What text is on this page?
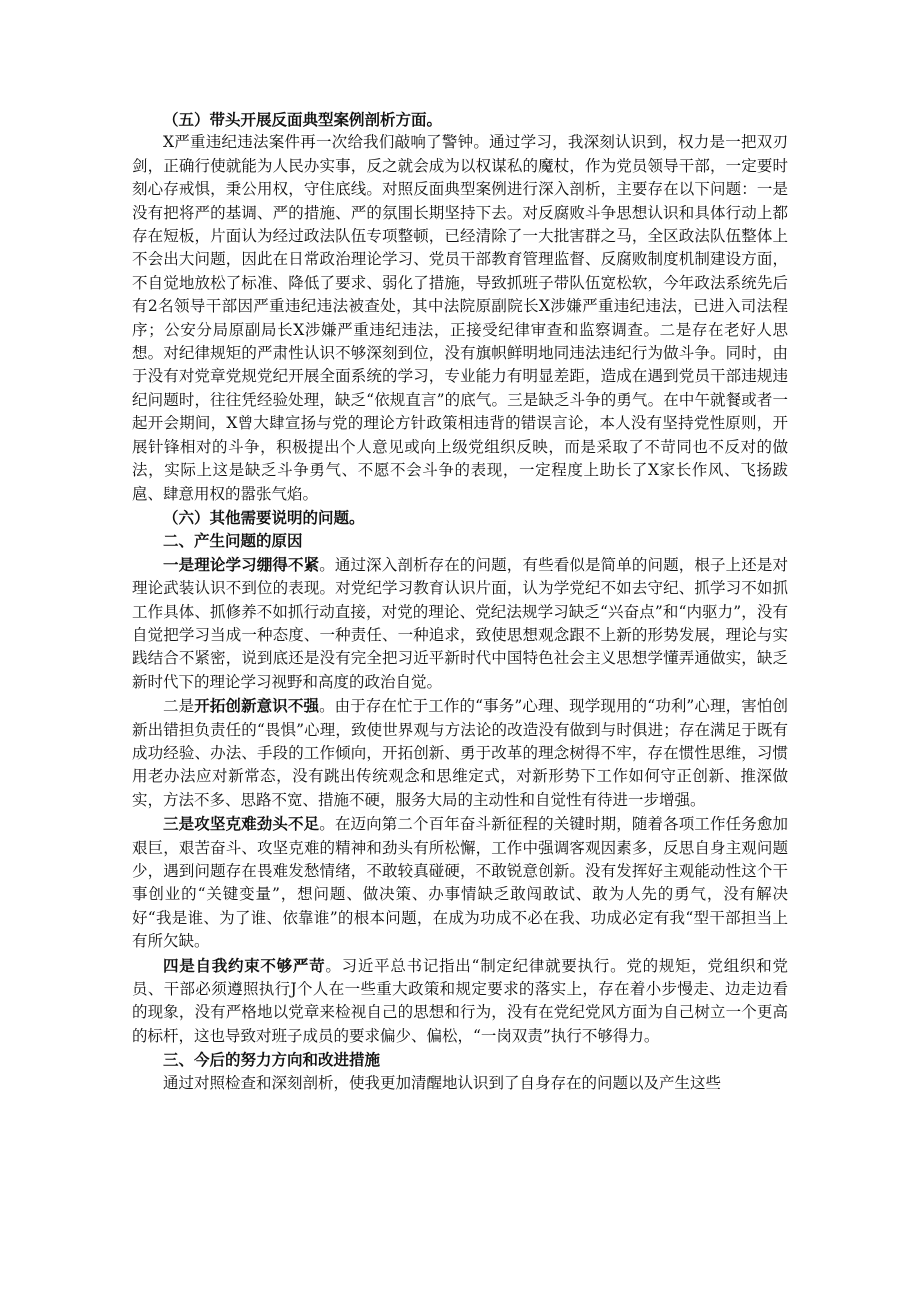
（五）带头开展反面典型案例剖析方面。

X严重违纪违法案件再一次给我们敲响了警钟。通过学习，我深刻认识到，权力是一把双刃剑，正确行使就能为人民办实事，反之就会成为以权谋私的魔杖，作为党员领导干部，一定要时刻心存戒惧，秉公用权，守住底线。对照反面典型案例进行深入剖析，主要存在以下问题：一是没有把将严的基调、严的措施、严的氛围长期坚持下去。对反腐败斗争思想认识和具体行动上都存在短板，片面认为经过政法队伍专项整顿，已经清除了一大批害群之马，全区政法队伍整体上不会出大问题，因此在日常政治理论学习、党员干部教育管理监督、反腐败制度机制建设方面，不自觉地放松了标准、降低了要求、弱化了措施，导致抓班子带队伍宽松软，今年政法系统先后有2名领导干部因严重违纪违法被查处，其中法院原副院长X涉嫌严重违纪违法，已进入司法程序；公安分局原副局长X涉嫌严重违纪违法，正接受纪律审查和监察调查。二是存在老好人思想。对纪律规矩的严肃性认识不够深刻到位，没有旗帜鲜明地同违法违纪行为做斗争。同时，由于没有对党章党规党纪开展全面系统的学习，专业能力有明显差距，造成在遇到党员干部违规违纪问题时，往往凭经验处理，缺乏“依规直言”的底气。三是缺乏斗争的勇气。在中午就餐或者一起开会期间，X曾大肆宣扬与党的理论方针政策相违背的错误言论，本人没有坚持党性原则，开展针锋相对的斗争，积极提出个人意见或向上级党组织反映，而是采取了不苛同也不反对的做法，实际上这是缺乏斗争勇气、不愿不会斗争的表现，一定程度上助长了X家长作风、飞扬跋扈、肆意用权的嚣张气焰。

（六）其他需要说明的问题。
二、产生问题的原因

一是理论学习绷得不紧。通过深入剖析存在的问题，有些看似是简单的问题，根子上还是对理论武装认识不到位的表现。对党纪学习教育认识片面，认为学党纪不如去守纪、抓学习不如抓工作具体、抓修养不如抓行动直接，对党的理论、党纪法规学习缺乏“兴奋点”和“内驱力”，没有自觉把学习当成一种态度、一种责任、一种追求，致使思想观念跟不上新的形势发展，理论与实践结合不紧密，说到底还是没有完全把习近平新时代中国特色社会主义思想学懂弄通做实，缺乏新时代下的理论学习视野和高度的政治自觉。

二是开拓创新意识不强。由于存在忙于工作的“事务”心理、现学现用的“功利”心理，害怕创新出错担负责任的“畏惧”心理，致使世界观与方法论的改造没有做到与时俱进；存在满足于既有成功经验、办法、手段的工作倾向，开拓创新、勇于改革的理念树得不牢，存在惯性思维，习惯用老办法应对新常态，没有跳出传统观念和思维定式，对新形势下工作如何守正创新、推深做实，方法不多、思路不宽、措施不硬，服务大局的主动性和自觉性有待进一步增强。

三是攻坚克难劲头不足。在迈向第二个百年奋斗新征程的关键时期，随着各项工作任务愈加艰巨，艰苦奋斗、攻坚克难的精神和劲头有所松懈，工作中强调客观因素多，反思自身主观问题少，遇到问题存在畏难发愁情绪，不敢较真碰硬，不敢锐意创新。没有发挥好主观能动性这个干事创业的“关键变量”，想问题、做决策、办事情缺乏敢闯敢试、敢为人先的勇气，没有解决好“我是谁、为了谁、依靠谁”的根本问题，在成为功成不必在我、功成必定有我“型干部担当上有所欠缺。

四是自我约束不够严苛。习近平总书记指出“制定纪律就要执行。党的规矩，党组织和党员、干部必须遵照执行J个人在一些重大政策和规定要求的落实上，存在着小步慢走、边走边看的现象，没有严格地以党章来检视自己的思想和行为，没有在党纪党风方面为自己树立一个更高的标杆，这也导致对班子成员的要求偏少、偏松，“一岗双责”执行不够得力。

三、今后的努力方向和改进措施

通过对照检查和深刻剖析，使我更加清醒地认识到了自身存在的问题以及产生这些
